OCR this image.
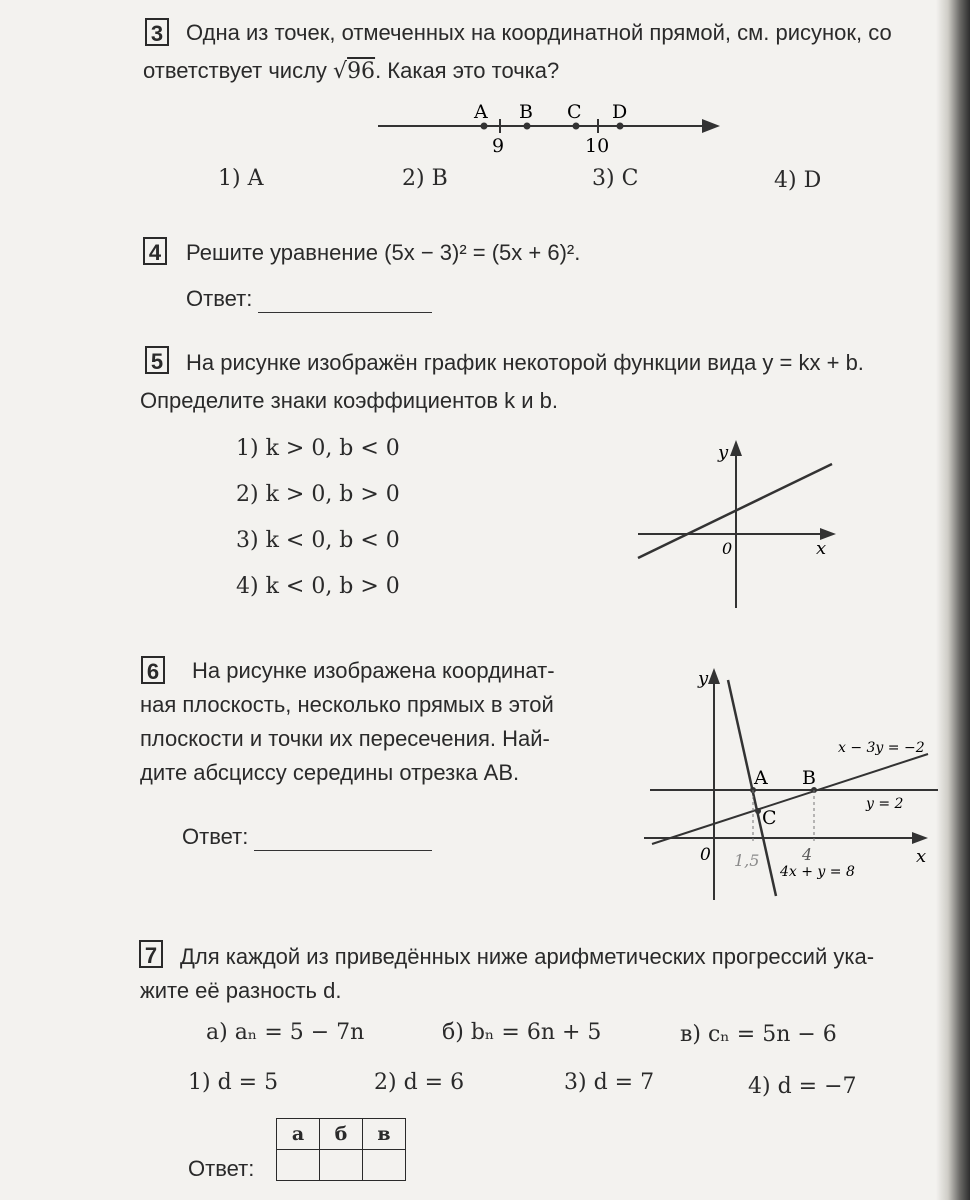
3 Одна из точек, отмеченных на координатной прямой, см. рисунок, со
ответствует числу √96. Какая это точка?
A B C D
9	10
1) A	2) B	3) C	4) D
4 Решите уравнение (5x − 3)² = (5x + 6)².
Ответ:
5 На рисунке изображён график некоторой функции вида y = kx + b.
Определите знаки коэффициентов k и b.
1) k > 0, b < 0
2) k > 0, b > 0
3) k < 0, b < 0
4) k < 0, b > 0
y
x
0
6 На рисунке изображена координат-
ная плоскость, несколько прямых в этой
плоскости и точки их пересечения. Най-
дите абсциссу середины отрезка AB.
Ответ:
y
x
0
A B
C
x − 3y = −2
y = 2
4x + y = 8
1,5	4
7 Для каждой из приведённых ниже арифметических прогрессий ука-
жите её разность d.
а) aₙ = 5 − 7n	б) bₙ = 6n + 5	в) cₙ = 5n − 6
1) d = 5	2) d = 6	3) d = 7	4) d = −7
Ответ:
а	б	в
